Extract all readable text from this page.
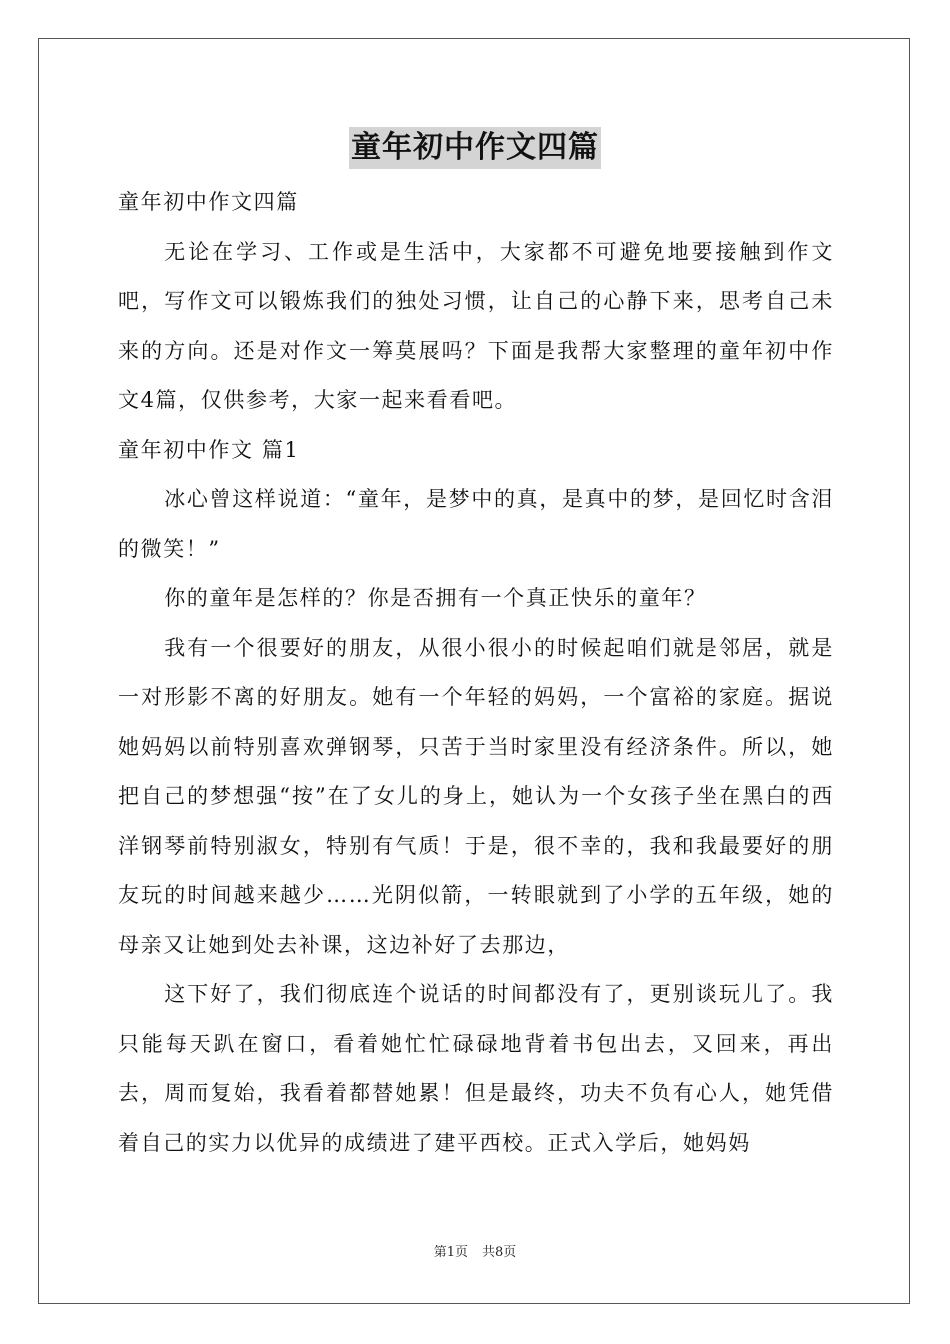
童年初中作文四篇

童年初中作文四篇

无论在学习、工作或是生活中，大家都不可避免地要接触到作文吧，写作文可以锻炼我们的独处习惯，让自己的心静下来，思考自己未来的方向。还是对作文一筹莫展吗？下面是我帮大家整理的童年初中作文4篇，仅供参考，大家一起来看看吧。

童年初中作文 篇1

冰心曾这样说道：“童年，是梦中的真，是真中的梦，是回忆时含泪的微笑！”

你的童年是怎样的？你是否拥有一个真正快乐的童年？

我有一个很要好的朋友，从很小很小的时候起咱们就是邻居，就是一对形影不离的好朋友。她有一个年轻的妈妈，一个富裕的家庭。据说她妈妈以前特别喜欢弹钢琴，只苦于当时家里没有经济条件。所以，她把自己的梦想强“按”在了女儿的身上，她认为一个女孩子坐在黑白的西洋钢琴前特别淑女，特别有气质！于是，很不幸的，我和我最要好的朋友玩的时间越来越少……光阴似箭，一转眼就到了小学的五年级，她的母亲又让她到处去补课，这边补好了去那边，

这下好了，我们彻底连个说话的时间都没有了，更别谈玩儿了。我只能每天趴在窗口，看着她忙忙碌碌地背着书包出去，又回来，再出去，周而复始，我看着都替她累！但是最终，功夫不负有心人，她凭借着自己的实力以优异的成绩进了建平西校。正式入学后，她妈妈

第1页 共8页
